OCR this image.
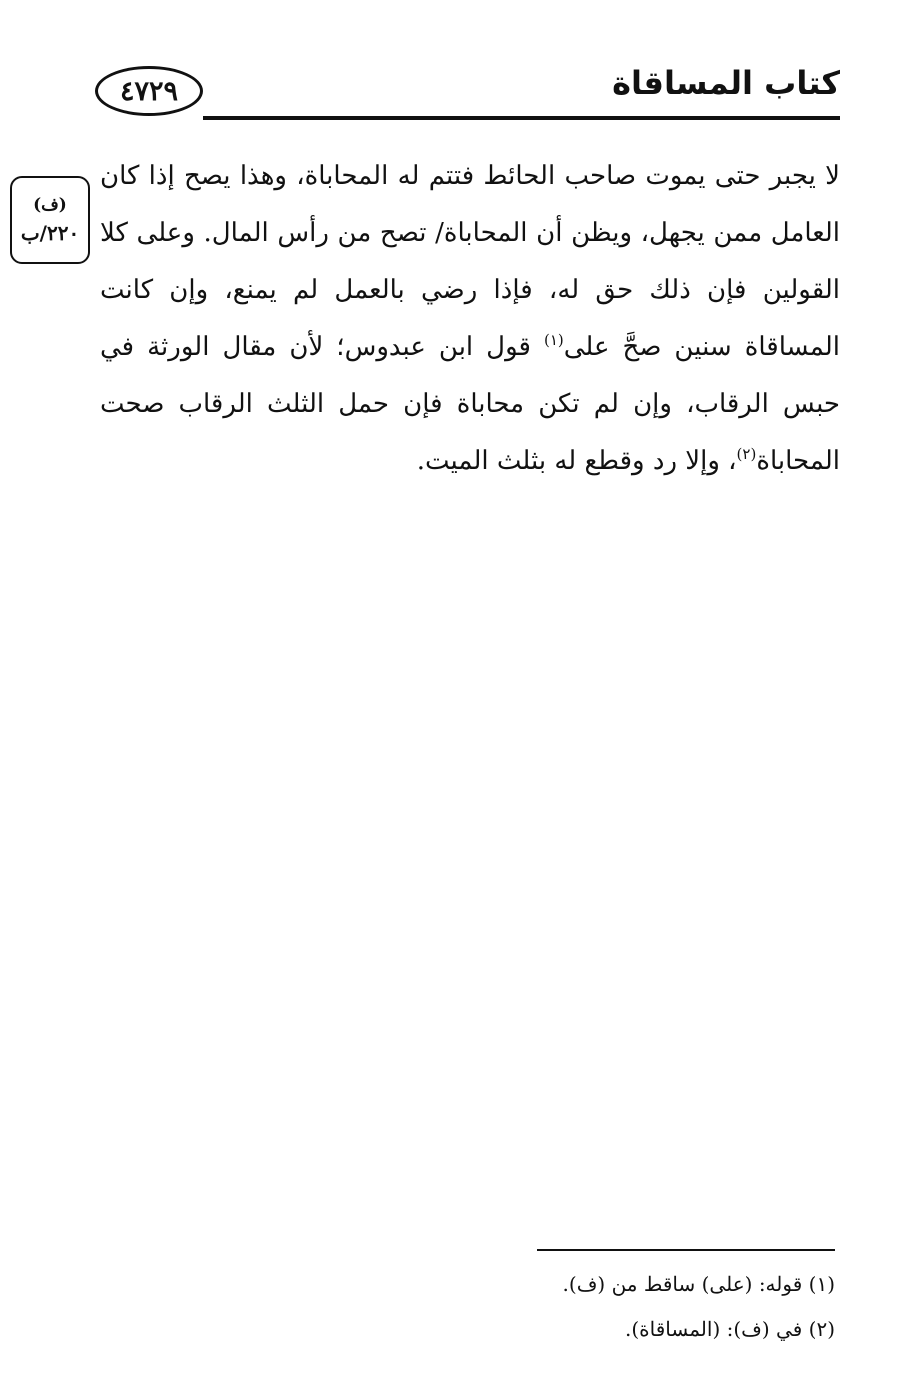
٤٧٢٩	كتاب المساقاة
(ف)
٢٢٠/ب
لا يجبر حتى يموت صاحب الحائط فتتم له المحاباة، وهذا يصح إذا كان العامل ممن يجهل، ويظن أن المحاباة/ تصح من رأس المال. وعلى كلا القولين فإن ذلك حق له، فإذا رضي بالعمل لم يمنع، وإن كانت المساقاة سنين صحَّ على$^{(١)}$ قول ابن عبدوس؛ لأن مقال الورثة في حبس الرقاب، وإن لم تكن محاباة فإن حمل الثلث الرقاب صحت المحاباة$^{(٢)}$، وإلا رد وقطع له بثلث الميت.
(١) قوله: (على) ساقط من (ف).
(٢) في (ف): (المساقاة).
